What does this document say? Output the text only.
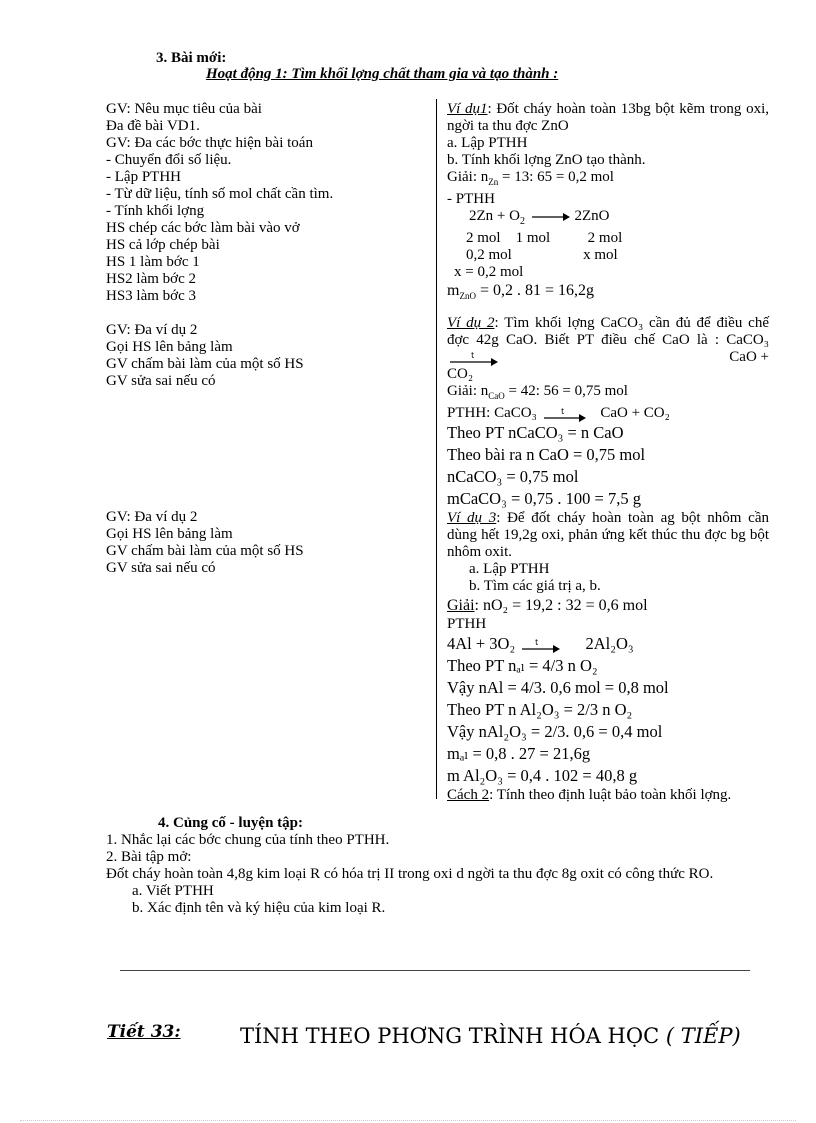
3. Bài mới:
Hoạt động 1: Tìm khối lợng chất tham gia và tạo thành :
GV: Nêu mục tiêu của bài
Đa đề bài VD1.
GV: Đa các bớc thực hiện bài toán
- Chuyển đổi số liệu.
- Lập PTHH
- Từ dữ liệu, tính số mol chất cần tìm.
- Tính khối lợng
HS chép các bớc làm bài vào vở
HS cả lớp chép bài
HS 1 làm bớc 1
HS2 làm bớc 2
HS3 làm bớc 3
GV: Đa ví dụ 2
Gọi HS lên bảng làm
GV chấm bài làm của một số HS
GV sửa sai nếu có
GV: Đa ví dụ 2
Gọi HS lên bảng làm
GV chấm bài làm của một số HS
GV sửa sai nếu có
Ví dụ1: Đốt cháy hoàn toàn 13bg bột kẽm trong oxi, ngời ta thu đợc ZnO
a. Lập PTHH
b. Tính khối lợng ZnO tạo thành.
Giải: $n_{Zn} = 13$: 65 = 0,2 mol
- PTHH
$2Zn + O_2 \to 2ZnO$
2 mol    1 mol          2 mol
0,2 mol                   x mol
x = 0,2 mol
$m_{ZnO} = 0,2$ . 81 = 16,2g
Ví dụ 2: Tìm khối lợng CaCO₃ cần đủ để điều chế đợc 42g CaO. Biết PT điều chế CaO là : CaCO₃
t	CaO +
CO₂
Giải: $n_{CaO} = 42$: 56 = 0,75 mol
PTHH: CaCO₃	t CaO + CO₂
Theo PT nCaCO₃ = n CaO
Theo bài ra n CaO = 0,75 mol
nCaCO₃ = 0,75 mol
mCaCO₃ = 0,75 . 100 = 7,5 g
Ví dụ 3: Để đốt cháy hoàn toàn ag bột nhôm cần dùng hết 19,2g oxi, phản ứng kết thúc thu đợc bg bột nhôm oxit.
a. Lập PTHH
b. Tìm các giá trị a, b.
Giải: nO₂ = 19,2 : 32 = 0,6 mol
PTHH
4Al + 3O₂	t	2Al₂O₃
Theo PT nₐₗ = 4/3 n O₂
Vậy nAl = 4/3. 0,6 mol = 0,8 mol
Theo PT n Al₂O₃ = 2/3 n O₂
Vậy nAl₂O₃ = 2/3. 0,6 = 0,4 mol
mₐₗ = 0,8 . 27 = 21,6g
m Al₂O₃ = 0,4 . 102 = 40,8 g
Cách 2: Tính theo định luật bảo toàn khối lợng.
4. Củng cố - luyện tập:
1. Nhắc lại các bớc chung của tính theo PTHH.
2. Bài tập mở:
Đốt cháy hoàn toàn 4,8g kim loại R có hóa trị II trong oxi d ngời ta thu đợc 8g oxit có công thức RO.
a. Viết PTHH
b. Xác định tên và ký hiệu của kim loại R.
Tiết 33:	TÍNH THEO PHƠNG TRÌNH HÓA HỌC ( TIẾP)
